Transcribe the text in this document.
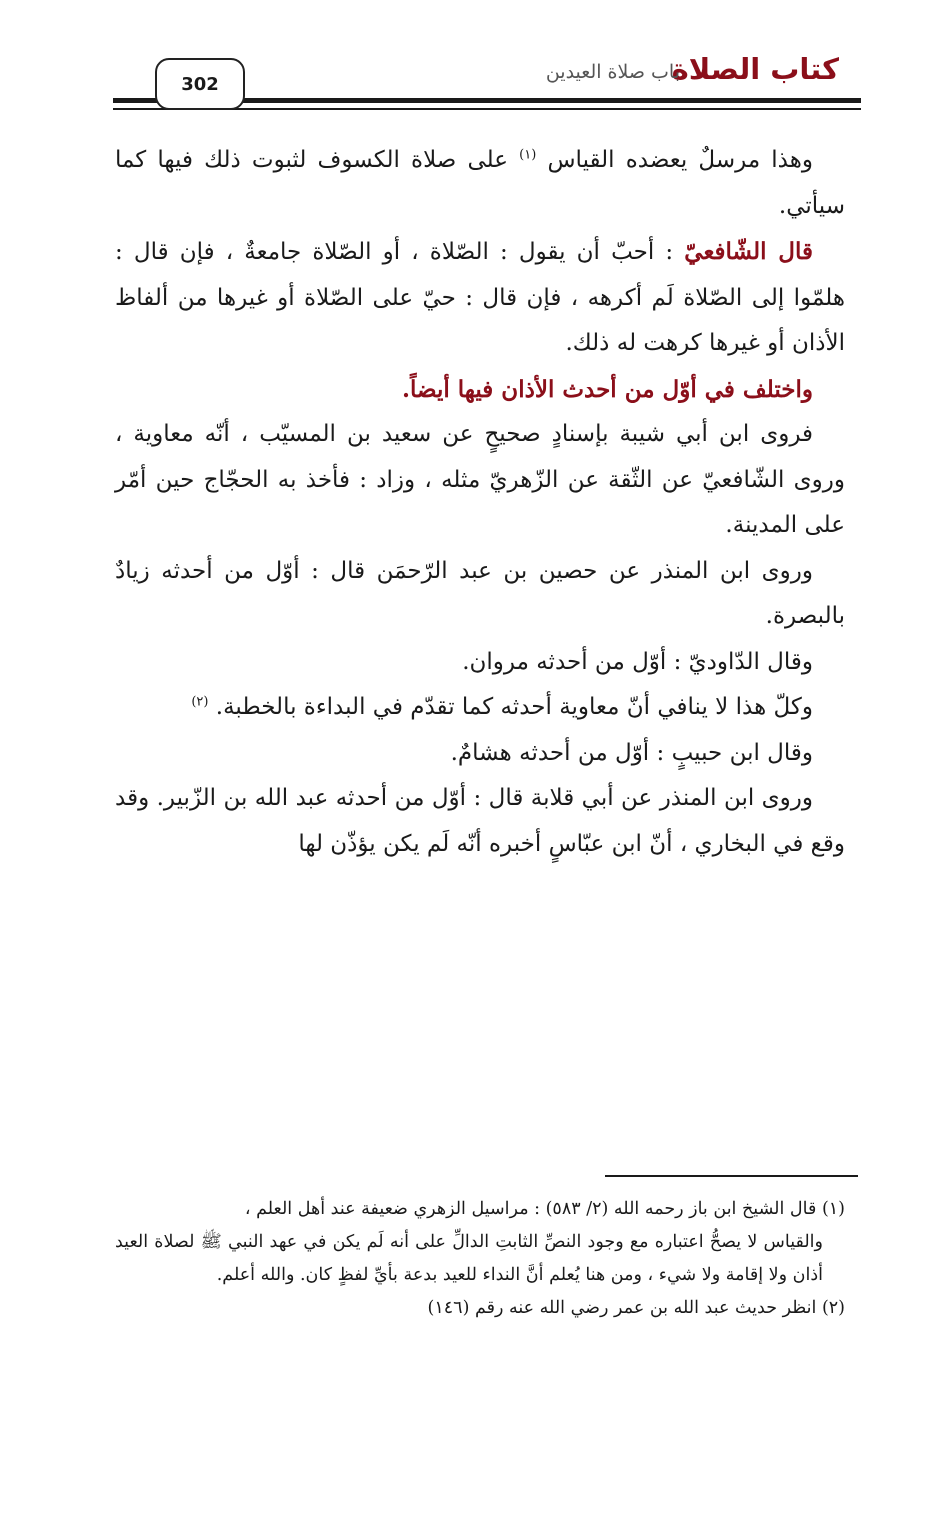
كتاب الصلاة
باب صلاة العيدين
302

وهذا مرسلٌ يعضده القياس $^{(١)}$ على صلاة الكسوف لثبوت ذلك فيها كما سيأتي.

قال الشّافعيّ : أحبّ أن يقول : الصّلاة ، أو الصّلاة جامعةٌ ، فإن قال : هلمّوا إلى الصّلاة لَم أكرهه ، فإن قال : حيّ على الصّلاة أو غيرها من ألفاظ الأذان أو غيرها كرهت له ذلك.

واختلف في أوّل من أحدث الأذان فيها أيضاً.

فروى ابن أبي شيبة بإسنادٍ صحيحٍ عن سعيد بن المسيّب ، أنّه معاوية ، وروى الشّافعيّ عن الثّقة عن الزّهريّ مثله ، وزاد : فأخذ به الحجّاج حين أمّر على المدينة.

وروى ابن المنذر عن حصين بن عبد الرّحمَن قال : أوّل من أحدثه زيادٌ بالبصرة.

وقال الدّاوديّ : أوّل من أحدثه مروان.

وكلّ هذا لا ينافي أنّ معاوية أحدثه كما تقدّم في البداءة بالخطبة. $^{(٢)}$

وقال ابن حبيبٍ : أوّل من أحدثه هشامٌ.

وروى ابن المنذر عن أبي قلابة قال : أوّل من أحدثه عبد الله بن الزّبير. وقد وقع في البخاري ، أنّ ابن عبّاسٍ أخبره أنّه لَم يكن يؤذّن لها

(١) قال الشيخ ابن باز رحمه الله (٢/ ٥٨٣) : مراسيل الزهري ضعيفة عند أهل العلم ،
والقياس لا يصحُّ اعتباره مع وجود النصِّ الثابتِ الدالِّ على أنه لَم يكن في عهد النبي ﷺ لصلاة العيد أذان ولا إقامة ولا شيء ، ومن هنا يُعلم أنَّ النداء للعيد بدعة بأيِّ لفظٍ كان. والله أعلم.

(٢) انظر حديث عبد الله بن عمر رضي الله عنه رقم (١٤٦)
